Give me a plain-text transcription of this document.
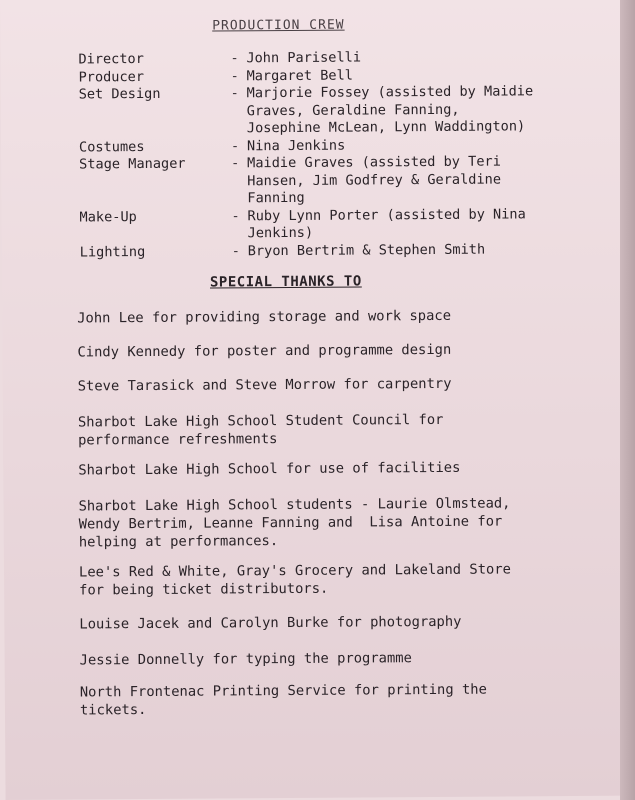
PRODUCTION CREW
Director	- John Pariselli
Producer	- Margaret Bell
Set Design	- Marjorie Fossey (assisted by Maidie
Graves, Geraldine Fanning,
Josephine McLean, Lynn Waddington)
Costumes	- Nina Jenkins
Stage Manager	- Maidie Graves (assisted by Teri
Hansen, Jim Godfrey & Geraldine
Fanning
Make-Up	- Ruby Lynn Porter (assisted by Nina
Jenkins)
Lighting	- Bryon Bertrim & Stephen Smith
SPECIAL THANKS TO
John Lee for providing storage and work space
Cindy Kennedy for poster and programme design
Steve Tarasick and Steve Morrow for carpentry
Sharbot Lake High School Student Council for
performance refreshments
Sharbot Lake High School for use of facilities
Sharbot Lake High School students - Laurie Olmstead,
Wendy Bertrim, Leanne Fanning and  Lisa Antoine for
helping at performances.
Lee's Red & White, Gray's Grocery and Lakeland Store
for being ticket distributors.
Louise Jacek and Carolyn Burke for photography
Jessie Donnelly for typing the programme
North Frontenac Printing Service for printing the
tickets.
